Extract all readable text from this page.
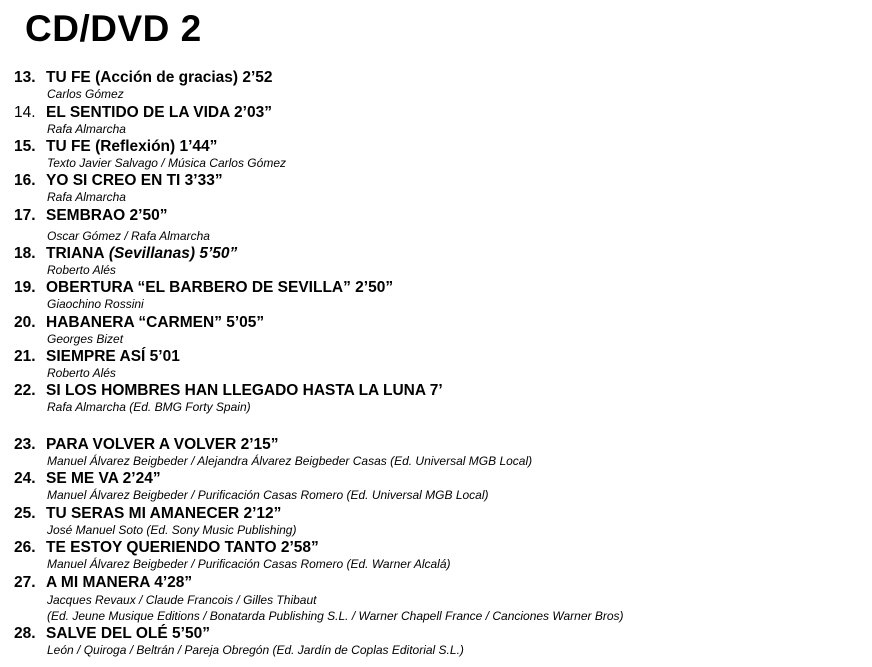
CD/DVD 2
13. TU FE (Acción de gracias) 2’52
Carlos Gómez
14. EL SENTIDO DE LA VIDA 2’03”
Rafa Almarcha
15. TU FE (Reflexión) 1’44”
Texto Javier Salvago / Música Carlos Gómez
16. YO SI CREO EN TI 3’33”
Rafa Almarcha
17. SEMBRAO 2’50”
Oscar Gómez / Rafa Almarcha
18. TRIANA (Sevillanas) 5’50”
Roberto Alés
19. OBERTURA “EL BARBERO DE SEVILLA” 2’50”
Giaochino Rossini
20. HABANERA “CARMEN” 5’05”
Georges Bizet
21. SIEMPRE ASÍ 5’01
Roberto Alés
22. SI LOS HOMBRES HAN LLEGADO HASTA LA LUNA 7’
Rafa Almarcha (Ed. BMG Forty Spain)
23. PARA VOLVER A VOLVER 2’15”
Manuel Álvarez Beigbeder / Alejandra Álvarez Beigbeder Casas (Ed. Universal MGB Local)
24. SE ME VA 2’24”
Manuel Álvarez Beigbeder / Purificación Casas Romero (Ed. Universal MGB Local)
25. TU SERAS MI AMANECER 2’12”
José Manuel Soto (Ed. Sony Music Publishing)
26. TE ESTOY QUERIENDO TANTO 2’58”
Manuel Álvarez Beigbeder / Purificación Casas Romero (Ed. Warner Alcalá)
27. A MI MANERA 4’28”
Jacques Revaux / Claude Francois / Gilles Thibaut
(Ed. Jeune Musique Editions / Bonatarda Publishing S.L. / Warner Chapell France / Canciones Warner Bros)
28. SALVE DEL OLÉ 5’50”
León / Quiroga / Beltrán / Pareja Obregón (Ed. Jardín de Coplas Editorial S.L.)
